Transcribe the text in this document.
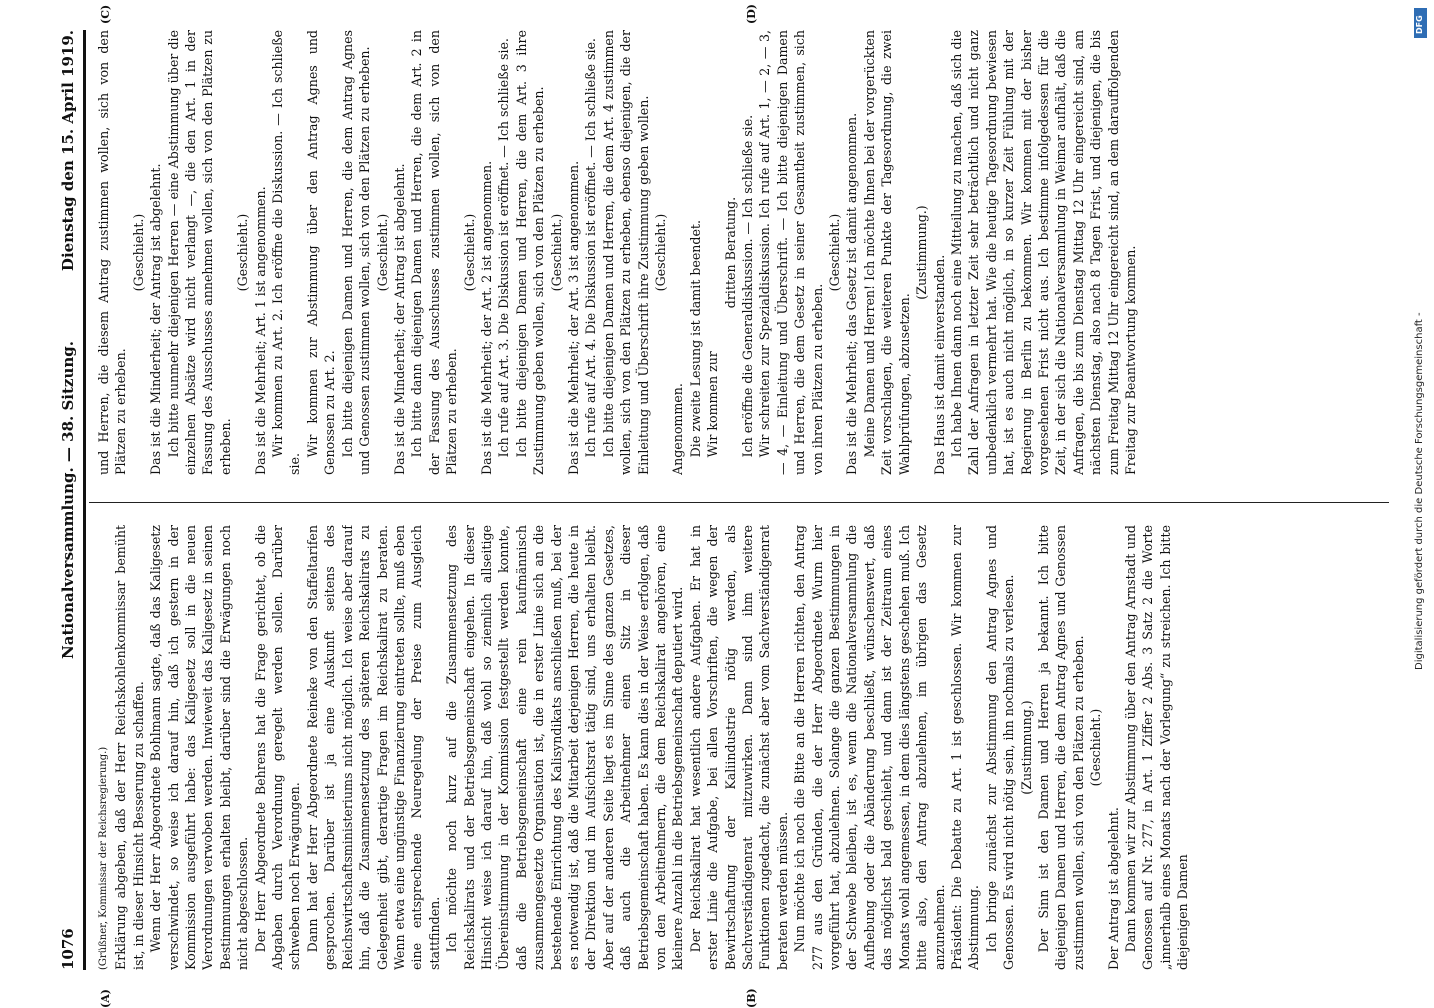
1076
Nationalversammlung. — 38. Sitzung.
Dienstag den 15. April 1919.
(A)	(B)
(C)	(D)

(Grüßner, Kommissar der Reichsregierung.) Erklärung abgeben, daß der Herr Reichskohlenkommissar bemüht ist, in dieser Hinsicht Besserung zu schaffen. Wenn der Herr Abgeordnete Bohlmann sagte, daß das Kaligesetz verschwindet, so weise ich darauf hin, daß ich gestern in der Kommission ausgeführt habe: das Kaligesetz soll in die neuen Verordnungen verwoben werden. Inwieweit das Kaligesetz in seinen Bestimmungen erhalten bleibt, darüber sind die Erwägungen noch nicht abgeschlossen. Der Herr Abgeordnete Behrens hat die Frage gerichtet, ob die Abgaben durch Verordnung geregelt werden sollen. Darüber schweben noch Erwägungen. Dann hat der Herr Abgeordnete Reineke von den Staffeltarifen gesprochen. Darüber ist ja eine Auskunft seitens des Reichswirtschaftsministeriums nicht möglich. Ich weise aber darauf hin, daß die Zusammensetzung des späteren Reichskalirats zu Gelegenheit gibt, derartige Fragen im Reichskalirat zu beraten. Wenn etwa eine ungünstige Finanzierung eintreten sollte, muß eben eine entsprechende Neuregelung der Preise zum Ausgleich stattfinden. Ich möchte noch kurz auf die Zusammensetzung des Reichskalirats und der Betriebsgemeinschaft eingehen. In dieser Hinsicht weise ich darauf hin, daß wohl so ziemlich allseitige Übereinstimmung in der Kommission festgestellt werden konnte, daß die Betriebsgemeinschaft eine rein kaufmännisch zusammengesetzte Organisation ist, die in erster Linie sich an die bestehende Einrichtung des Kalisyndikats anschließen muß, bei der es notwendig ist, daß die Mitarbeit derjenigen Herren, die heute in der Direktion und im Aufsichtsrat tätig sind, uns erhalten bleibt. Aber auf der anderen Seite liegt es im Sinne des ganzen Gesetzes, daß auch die Arbeitnehmer einen Sitz in dieser Betriebsgemeinschaft haben. Es kann dies in der Weise erfolgen, daß von den Arbeitnehmern, die dem Reichskalirat angehören, eine kleinere Anzahl in die Betriebsgemeinschaft deputiert wird. Der Reichskalirat hat wesentlich andere Aufgaben. Er hat in erster Linie die Aufgabe, bei allen Vorschriften, die wegen der Bewirtschaftung der Kaliindustrie nötig werden, als Sachverständigenrat mitzuwirken. Dann sind ihm weitere Funktionen zugedacht, die zunächst aber vom Sachverständigenrat beraten werden müssen. Nun möchte ich noch die Bitte an die Herren richten, den Antrag 277 aus den Gründen, die der Herr Abgeordnete Wurm hier vorgeführt hat, abzulehnen. Solange die ganzen Bestimmungen in der Schwebe bleiben, ist es, wenn die Nationalversammlung die Aufhebung oder die Abänderung beschließt, wünschenswert, daß das möglichst bald geschieht, und dann ist der Zeitraum eines Monats wohl angemessen, in dem dies längstens geschehen muß. Ich bitte also, den Antrag abzulehnen, im übrigen das Gesetz anzunehmen. Präsident: Die Debatte zu Art. 1 ist geschlossen. Wir kommen zur Abstimmung. Ich bringe zunächst zur Abstimmung den Antrag Agnes und Genossen. Es wird nicht nötig sein, ihn nochmals zu verlesen. (Zustimmung.) Der Sinn ist den Damen und Herren ja bekannt. Ich bitte diejenigen Damen und Herren, die dem Antrag Agnes und Genossen zustimmen wollen, sich von den Plätzen zu erheben. (Geschieht.)

Der Antrag ist abgelehnt. Dann kommen wir zur Abstimmung über den Antrag Arnstadt und Genossen auf Nr. 277, in Art. 1 Ziffer 2 Abs. 3 Satz 2 die Worte „innerhalb eines Monats nach der Vorlegung“ zu streichen. Ich bitte diejenigen Damen

und Herren, die diesem Antrag zustimmen wollen, sich von den Plätzen zu erheben.

(Geschieht.) Das ist die Minderheit; der Antrag ist abgelehnt. Ich bitte nunmehr diejenigen Herren — eine Abstimmung über die einzelnen Absätze wird nicht verlangt —, die den Art. 1 in der Fassung des Ausschusses annehmen wollen, sich von den Plätzen zu erheben.

(Geschieht.) Das ist die Mehrheit; Art. 1 ist angenommen. Wir kommen zu Art. 2. Ich eröffne die Diskussion. — Ich schließe sie.

Wir kommen zur Abstimmung über den Antrag Agnes und Genossen zu Art. 2. Ich bitte diejenigen Damen und Herren, die dem Antrag Agnes und Genossen zustimmen wollen, sich von den Plätzen zu erheben. (Geschieht.) Das ist die Minderheit; der Antrag ist abgelehnt. Ich bitte dann diejenigen Damen und Herren, die dem Art. 2 in der Fassung des Ausschusses zustimmen wollen, sich von den Plätzen zu erheben.

(Geschieht.) Das ist die Mehrheit; der Art. 2 ist angenommen. Ich rufe auf Art. 3. Die Diskussion ist eröffnet. — Ich schließe sie. Ich bitte diejenigen Damen und Herren, die dem Art. 3 ihre Zustimmung geben wollen, sich von den Plätzen zu erheben. (Geschieht.) Das ist die Mehrheit; der Art. 3 ist angenommen. Ich rufe auf Art. 4. Die Diskussion ist eröffnet. — Ich schließe sie. Ich bitte diejenigen Damen und Herren, die dem Art. 4 zustimmen wollen, sich von den Plätzen zu erheben, ebenso diejenigen, die der Einleitung und Überschrift ihre Zustimmung geben wollen. (Geschieht.)

Angenommen. Die zweite Lesung ist damit beendet. Wir kommen zur

dritten Beratung. Ich eröffne die Generaldiskussion. — Ich schließe sie. Wir schreiten zur Spezialdiskussion. Ich rufe auf Art. 1, — 2, — 3, — 4, — Einleitung und Überschrift. — Ich bitte diejenigen Damen und Herren, die dem Gesetz in seiner Gesamtheit zustimmen, sich von ihren Plätzen zu erheben.

(Geschieht.) Das ist die Mehrheit; das Gesetz ist damit angenommen. Meine Damen und Herren! Ich möchte Ihnen bei der vorgerückten Zeit vorschlagen, die weiteren Punkte der Tagesordnung, die zwei Wahlprüfungen, abzusetzen.

(Zustimmung.)

Das Haus ist damit einverstanden. Ich habe Ihnen dann noch eine Mitteilung zu machen, daß sich die Zahl der Anfragen in letzter Zeit sehr beträchtlich und nicht ganz unbedenklich vermehrt hat. Wie die heutige Tagesordnung bewiesen hat, ist es auch nicht möglich, in so kurzer Zeit Fühlung mit der Regierung in Berlin zu bekommen. Wir kommen mit der bisher vorgesehenen Frist nicht aus. Ich bestimme infolgedessen für die Zeit, in der sich die Nationalversammlung in Weimar aufhält, daß die Anfragen, die bis zum Dienstag Mittag 12 Uhr eingereicht sind, am nächsten Dienstag, also nach 8 Tagen Frist, und diejenigen, die bis zum Freitag Mittag 12 Uhr eingereicht sind, an dem darauffolgenden Freitag zur Beantwortung kommen.

DFG
Digitalisierung gefördert durch die Deutsche Forschungsgemeinschaft -
